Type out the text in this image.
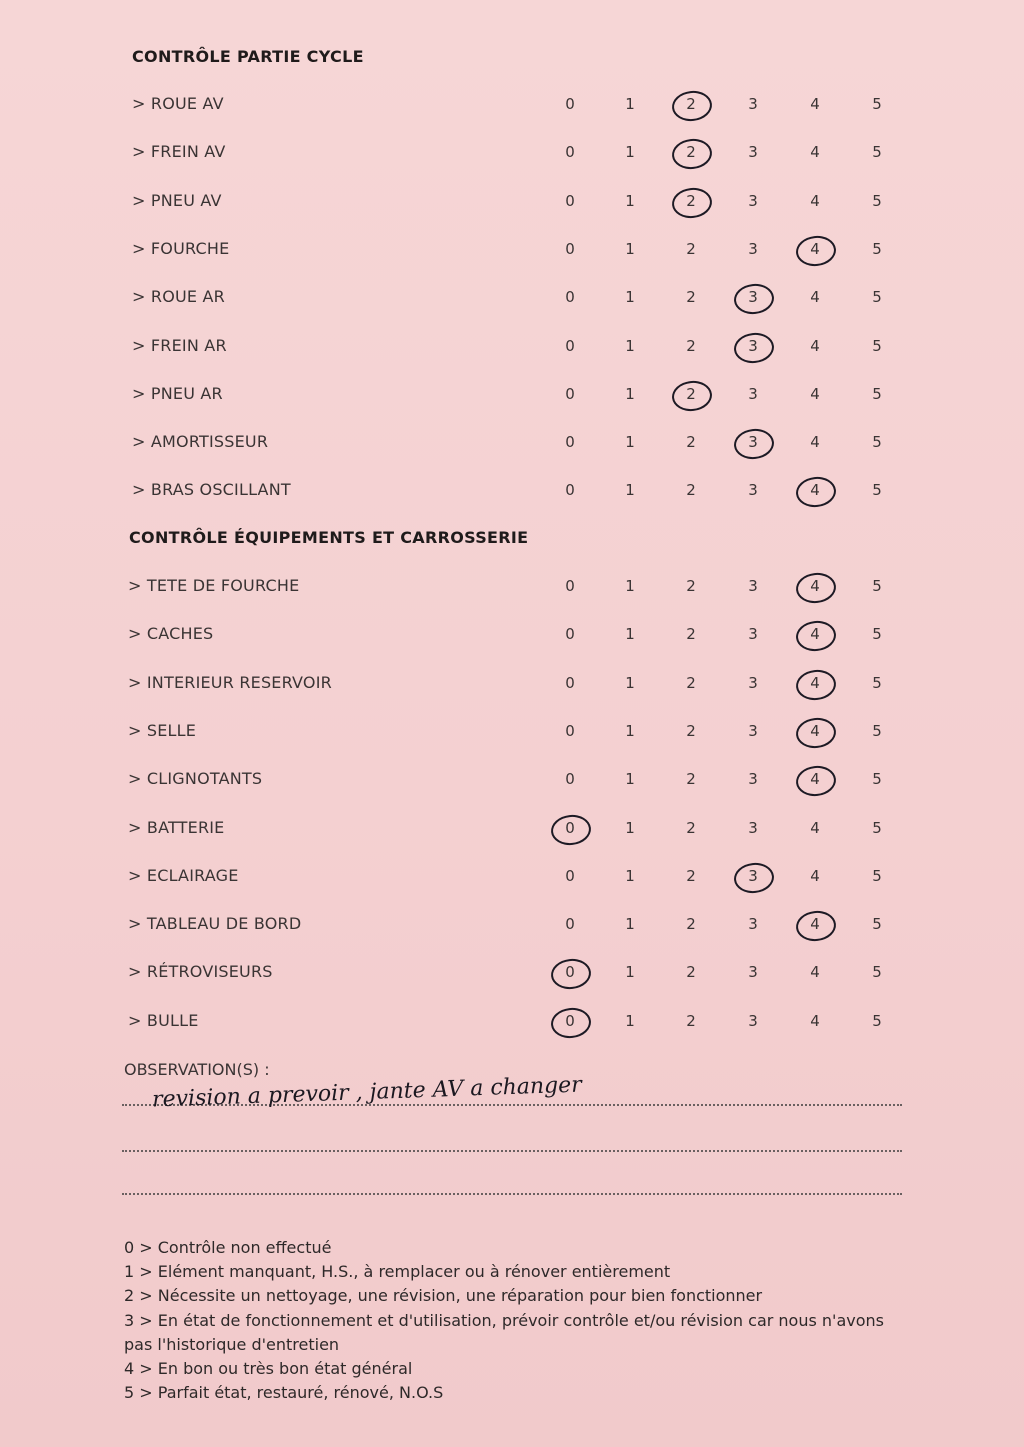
CONTRÔLE PARTIE CYCLE
> ROUE AV	0	1	2	3	4	5
> FREIN AV	0	1	2	3	4	5
> PNEU AV	0	1	2	3	4	5
> FOURCHE	0	1	2	3	4	5
> ROUE AR	0	1	2	3	4	5
> FREIN AR	0	1	2	3	4	5
> PNEU AR	0	1	2	3	4	5
> AMORTISSEUR	0	1	2	3	4	5
> BRAS OSCILLANT	0	1	2	3	4	5
CONTRÔLE ÉQUIPEMENTS ET CARROSSERIE
> TETE DE FOURCHE	0	1	2	3	4	5
> CACHES	0	1	2	3	4	5
> INTERIEUR RESERVOIR	0	1	2	3	4	5
> SELLE	0	1	2	3	4	5
> CLIGNOTANTS	0	1	2	3	4	5
> BATTERIE	0	1	2	3	4	5
> ECLAIRAGE	0	1	2	3	4	5
> TABLEAU DE BORD	0	1	2	3	4	5
> RÉTROVISEURS	0	1	2	3	4	5
> BULLE	0	1	2	3	4	5
OBSERVATION(S) :
revision a prevoir , jante AV a changer
0 > Contrôle non effectué
1 > Elément manquant, H.S., à remplacer ou à rénover entièrement
2 > Nécessite un nettoyage, une révision, une réparation pour bien fonctionner
3 > En état de fonctionnement et d'utilisation, prévoir contrôle et/ou révision car nous n'avons pas l'historique d'entretien
4 > En bon ou très bon état général
5 > Parfait état, restauré, rénové, N.O.S
